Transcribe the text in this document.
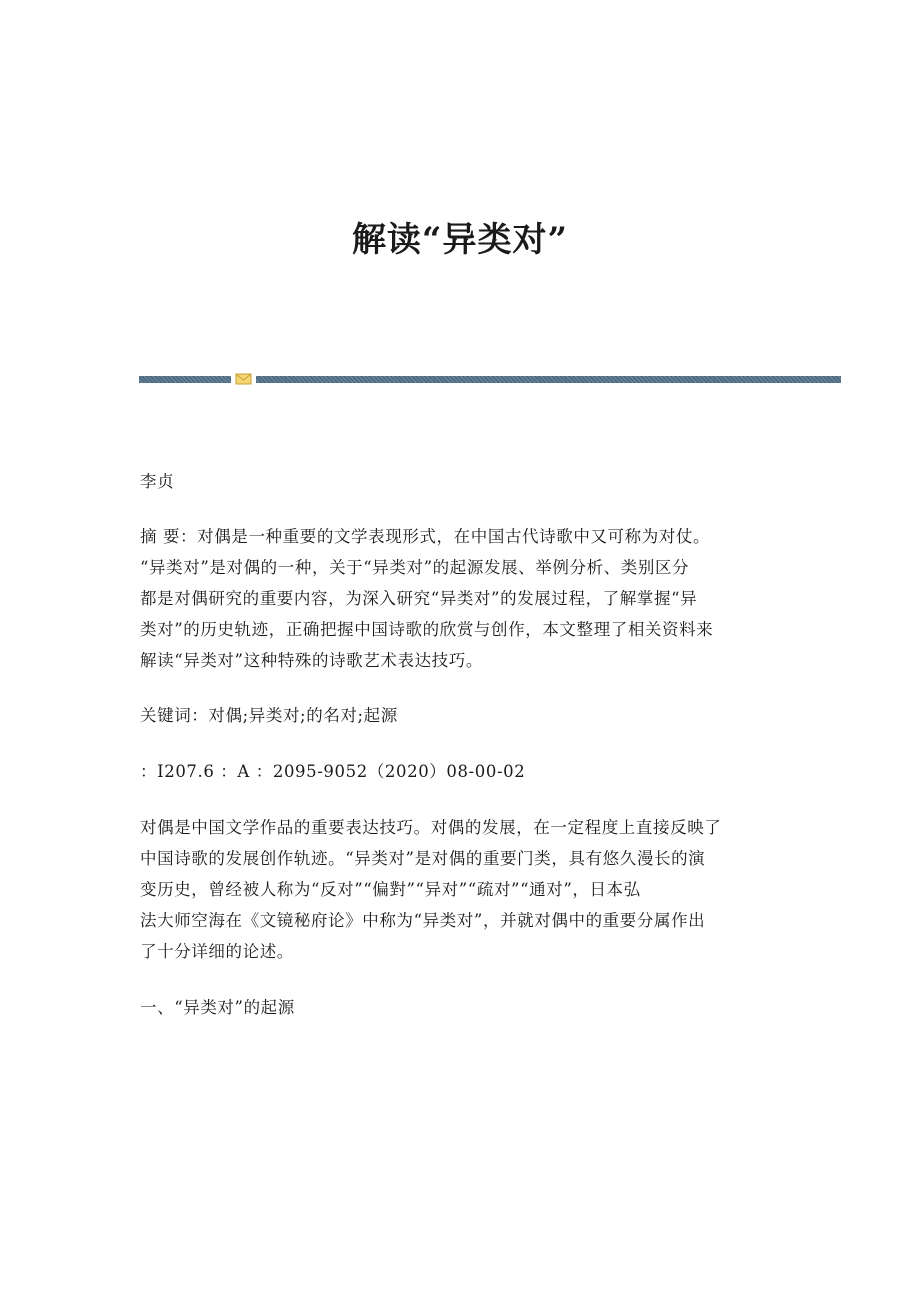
解读“异类对”
李贞
摘 要：对偶是一种重要的文学表现形式，在中国古代诗歌中又可称为对仗。
“异类对”是对偶的一种，关于“异类对”的起源发展、举例分析、类别区分
都是对偶研究的重要内容，为深入研究“异类对”的发展过程，了解掌握“异
类对”的历史轨迹，正确把握中国诗歌的欣赏与创作，本文整理了相关资料来
解读“异类对”这种特殊的诗歌艺术表达技巧。
关键词：对偶;异类对;的名对;起源
：I207.6 ：A ：2095-9052（2020）08-00-02
对偶是中国文学作品的重要表达技巧。对偶的发展，在一定程度上直接反映了
中国诗歌的发展创作轨迹。“异类对”是对偶的重要门类，具有悠久漫长的演
变历史，曾经被人称为“反对”“偏對”“异对”“疏对”“通对”，日本弘
法大师空海在《文镜秘府论》中称为“异类对”，并就对偶中的重要分属作出
了十分详细的论述。
一、“异类对”的起源
